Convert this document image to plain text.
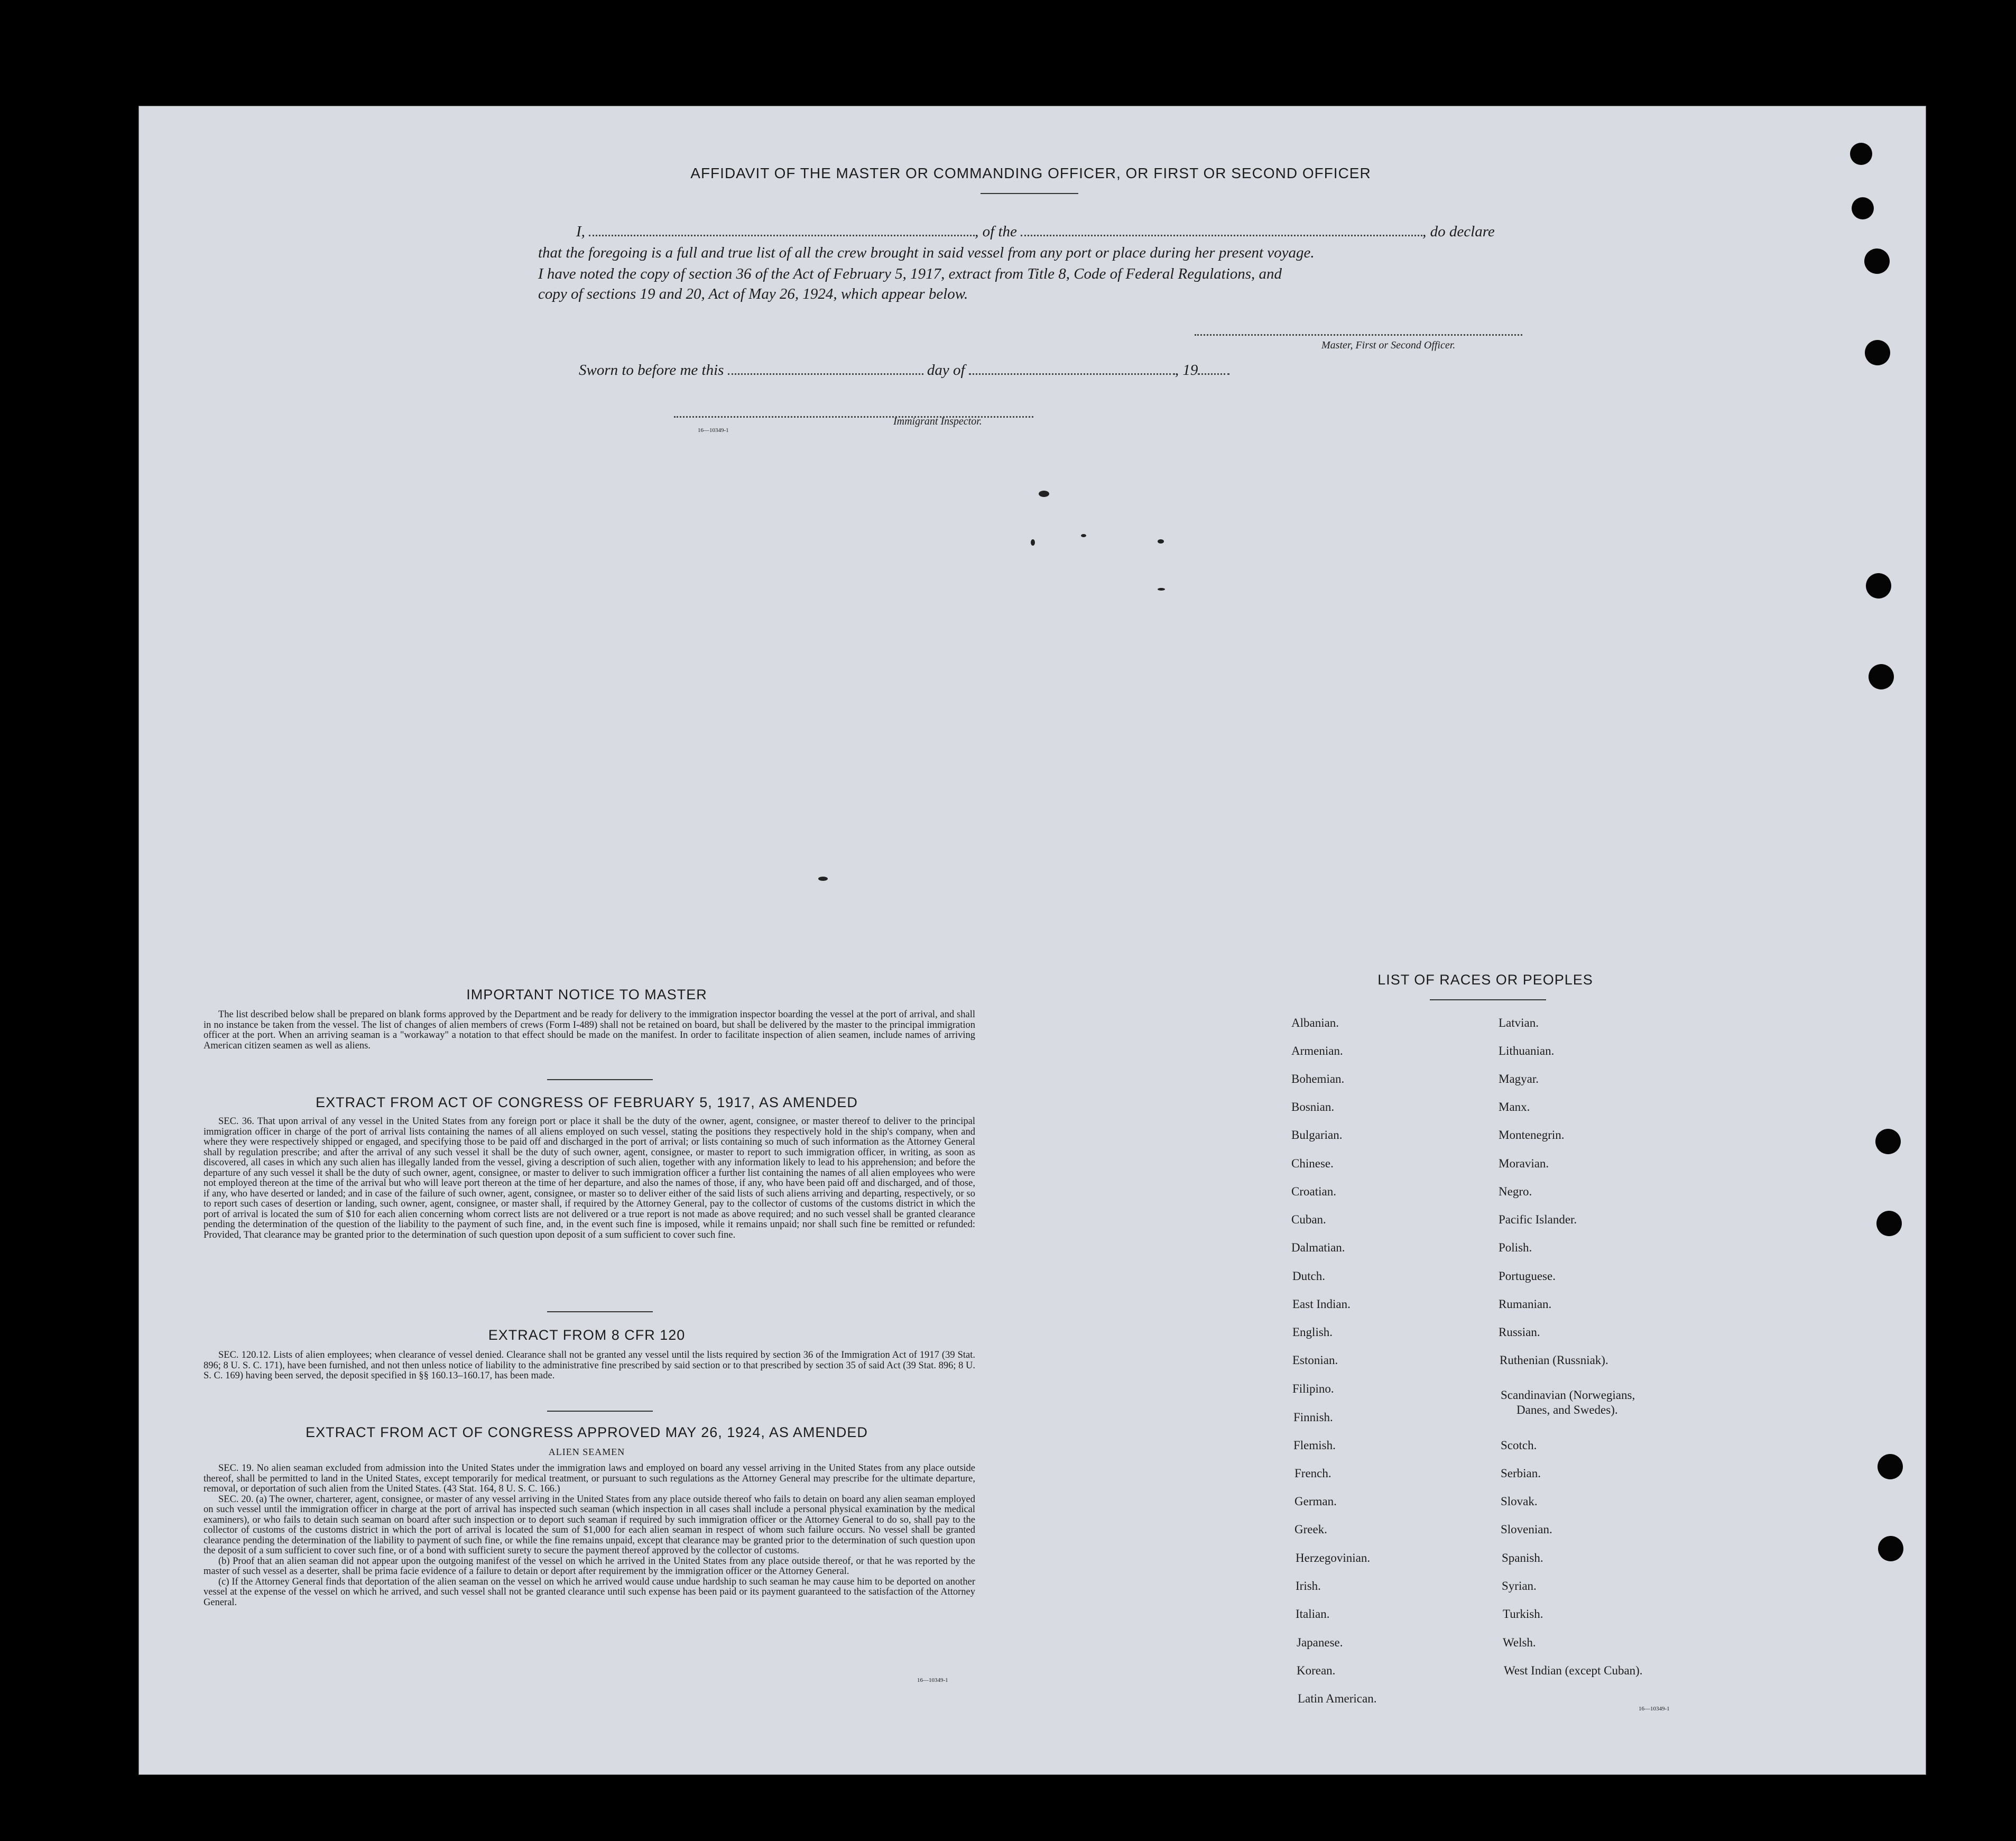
AFFIDAVIT OF THE MASTER OR COMMANDING OFFICER, OR FIRST OR SECOND OFFICER
I,	, of the	, do declare
that the foregoing is a full and true list of all the crew brought in said vessel from any port or place during her present voyage.
I have noted the copy of section 36 of the Act of February 5, 1917, extract from Title 8, Code of Federal Regulations, and
copy of sections 19 and 20, Act of May 26, 1924, which appear below.
Master, First or Second Officer.
Sworn to before me this	day of	, 19
Immigrant Inspector.
16—10349-1
IMPORTANT NOTICE TO MASTER

The list described below shall be prepared on blank forms approved by the Department and be ready for delivery to the immigration inspector boarding the vessel at the port of arrival, and shall in no instance be taken from the vessel. The list of changes of alien members of crews (Form I-489) shall not be retained on board, but shall be delivered by the master to the principal immigration officer at the port. When an arriving seaman is a "workaway" a notation to that effect should be made on the manifest. In order to facilitate inspection of alien seamen, include names of arriving American citizen seamen as well as aliens.

EXTRACT FROM ACT OF CONGRESS OF FEBRUARY 5, 1917, AS AMENDED

SEC. 36. That upon arrival of any vessel in the United States from any foreign port or place it shall be the duty of the owner, agent, consignee, or master thereof to deliver to the principal immigration officer in charge of the port of arrival lists containing the names of all aliens employed on such vessel, stating the positions they respectively hold in the ship's company, when and where they were respectively shipped or engaged, and specifying those to be paid off and discharged in the port of arrival; or lists containing so much of such information as the Attorney General shall by regulation prescribe; and after the arrival of any such vessel it shall be the duty of such owner, agent, consignee, or master to report to such immigration officer, in writing, as soon as discovered, all cases in which any such alien has illegally landed from the vessel, giving a description of such alien, together with any information likely to lead to his apprehension; and before the departure of any such vessel it shall be the duty of such owner, agent, consignee, or master to deliver to such immigration officer a further list containing the names of all alien employees who were not employed thereon at the time of the arrival but who will leave port thereon at the time of her departure, and also the names of those, if any, who have been paid off and discharged, and of those, if any, who have deserted or landed; and in case of the failure of such owner, agent, consignee, or master so to deliver either of the said lists of such aliens arriving and departing, respectively, or so to report such cases of desertion or landing, such owner, agent, consignee, or master shall, if required by the Attorney General, pay to the collector of customs of the customs district in which the port of arrival is located the sum of $10 for each alien concerning whom correct lists are not delivered or a true report is not made as above required; and no such vessel shall be granted clearance pending the determination of the question of the liability to the payment of such fine, and, in the event such fine is imposed, while it remains unpaid; nor shall such fine be remitted or refunded: Provided, That clearance may be granted prior to the determination of such question upon deposit of a sum sufficient to cover such fine.

EXTRACT FROM 8 CFR 120

SEC. 120.12. Lists of alien employees; when clearance of vessel denied. Clearance shall not be granted any vessel until the lists required by section 36 of the Immigration Act of 1917 (39 Stat. 896; 8 U. S. C. 171), have been furnished, and not then unless notice of liability to the administrative fine prescribed by said section or to that prescribed by section 35 of said Act (39 Stat. 896; 8 U. S. C. 169) having been served, the deposit specified in §§ 160.13–160.17, has been made.

EXTRACT FROM ACT OF CONGRESS APPROVED MAY 26, 1924, AS AMENDED
ALIEN SEAMEN

SEC. 19. No alien seaman excluded from admission into the United States under the immigration laws and employed on board any vessel arriving in the United States from any place outside thereof, shall be permitted to land in the United States, except temporarily for medical treatment, or pursuant to such regulations as the Attorney General may prescribe for the ultimate departure, removal, or deportation of such alien from the United States. (43 Stat. 164, 8 U. S. C. 166.)

SEC. 20. (a) The owner, charterer, agent, consignee, or master of any vessel arriving in the United States from any place outside thereof who fails to detain on board any alien seaman employed on such vessel until the immigration officer in charge at the port of arrival has inspected such seaman (which inspection in all cases shall include a personal physical examination by the medical examiners), or who fails to detain such seaman on board after such inspection or to deport such seaman if required by such immigration officer or the Attorney General to do so, shall pay to the collector of customs of the customs district in which the port of arrival is located the sum of $1,000 for each alien seaman in respect of whom such failure occurs. No vessel shall be granted clearance pending the determination of the liability to payment of such fine, or while the fine remains unpaid, except that clearance may be granted prior to the determination of such question upon the deposit of a sum sufficient to cover such fine, or of a bond with sufficient surety to secure the payment thereof approved by the collector of customs.

(b) Proof that an alien seaman did not appear upon the outgoing manifest of the vessel on which he arrived in the United States from any place outside thereof, or that he was reported by the master of such vessel as a deserter, shall be prima facie evidence of a failure to detain or deport after requirement by the immigration officer or the Attorney General.

(c) If the Attorney General finds that deportation of the alien seaman on the vessel on which he arrived would cause undue hardship to such seaman he may cause him to be deported on another vessel at the expense of the vessel on which he arrived, and such vessel shall not be granted clearance until such expense has been paid or its payment guaranteed to the satisfaction of the Attorney General.

16—10349-1
LIST OF RACES OR PEOPLES
Albanian.
Armenian.
Bohemian.
Bosnian.
Bulgarian.
Chinese.
Croatian.
Cuban.
Dalmatian.
Dutch.
East Indian.
English.
Estonian.
Filipino.
Finnish.
Flemish.
French.
German.
Greek.
Herzegovinian.
Irish.
Italian.
Japanese.
Korean.
Latin American.
Latvian.
Lithuanian.
Magyar.
Manx.
Montenegrin.
Moravian.
Negro.
Pacific Islander.
Polish.
Portuguese.
Rumanian.
Russian.
Ruthenian (Russniak).
Scandinavian (Norwegians,
Danes, and Swedes).
Scotch.
Serbian.
Slovak.
Slovenian.
Spanish.
Syrian.
Turkish.
Welsh.
West Indian (except Cuban).
16—10349-1
